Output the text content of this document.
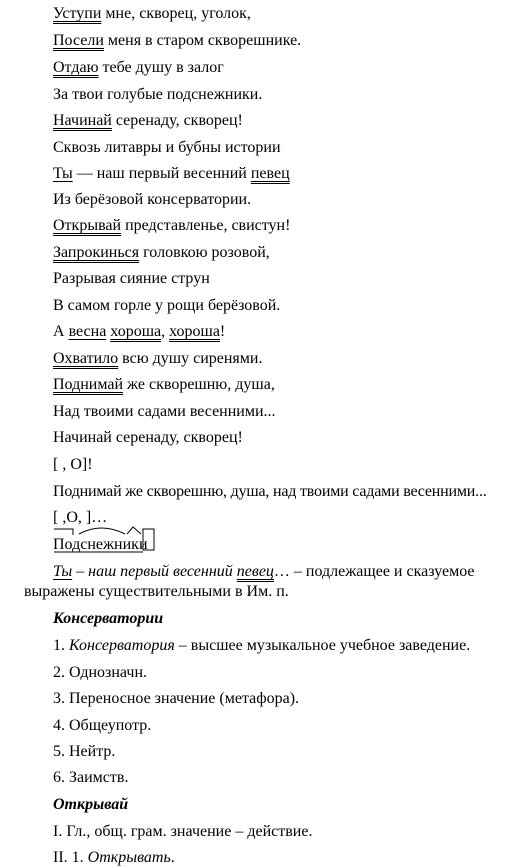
Уступи мне, скворец, уголок,
Посели меня в старом скворешнике.
Отдаю тебе душу в залог
За твои голубые подснежники.
Начинай серенаду, скворец!
Сквозь литавры и бубны истории
Ты — наш первый весенний певец
Из берёзовой консерватории.
Открывай представленье, свистун!
Запрокинься головкою розовой,
Разрывая сияние струн
В самом горле у рощи берёзовой.
А весна хороша, хороша!
Охватило всю душу сиренями.
Поднимай же скворешню, душа,
Над твоими садами весенними...
Начинай серенаду, скворец!
[ , О]!
Поднимай же скворешню, душа, над твоими садами весенними...
[ ,О, ]…
Подснежники
Ты – наш первый весенний певец… – подлежащее и сказуемое
выражены существительными в Им. п.
Консерватории
1. Консерватория – высшее музыкальное учебное заведение.
2. Однозначн.
3. Переносное значение (метафора).
4. Общеупотр.
5. Нейтр.
6. Заимств.
Открывай
I. Гл., общ. грам. значение – действие.
II. 1. Открывать.
